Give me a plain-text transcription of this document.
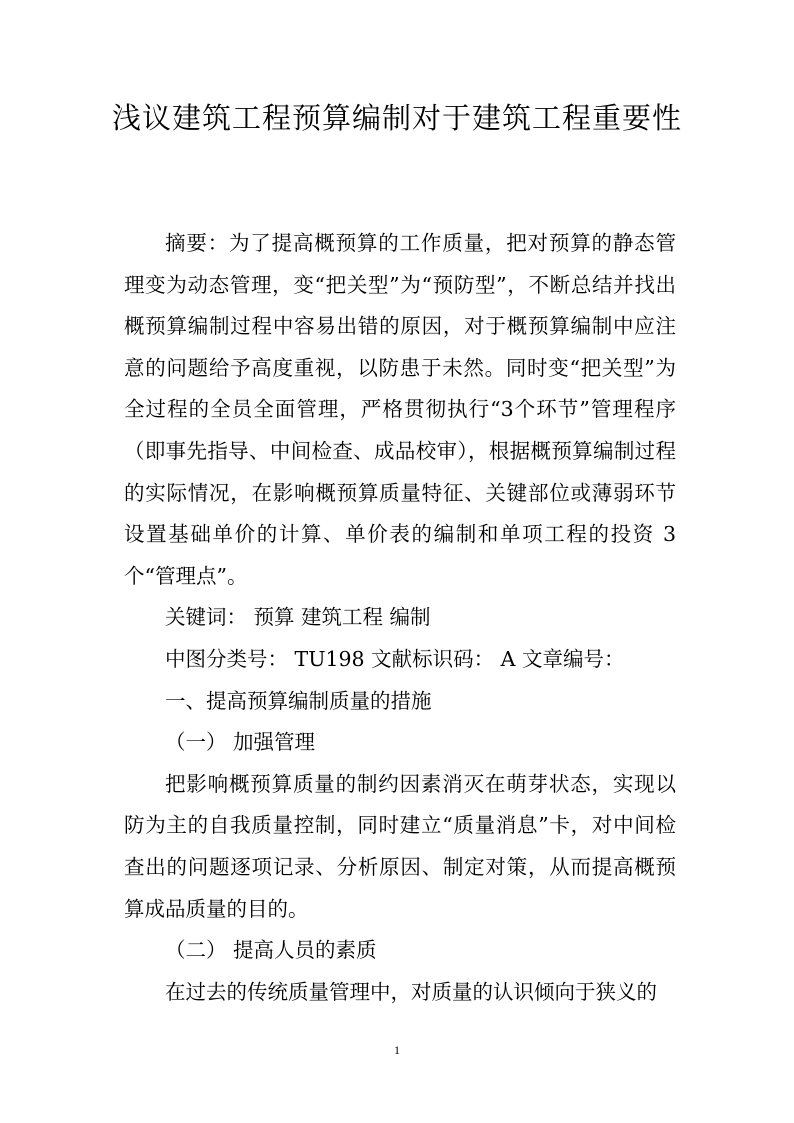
浅议建筑工程预算编制对于建筑工程重要性

摘要：为了提高概预算的工作质量，把对预算的静态管理变为动态管理，变“把关型”为“预防型”，不断总结并找出概预算编制过程中容易出错的原因，对于概预算编制中应注意的问题给予高度重视，以防患于未然。同时变“把关型”为全过程的全员全面管理，严格贯彻执行“3个环节”管理程序（即事先指导、中间检查、成品校审），根据概预算编制过程的实际情况，在影响概预算质量特征、关键部位或薄弱环节设置基础单价的计算、单价表的编制和单项工程的投资 3 个“管理点”。

关键词： 预算 建筑工程 编制

中图分类号： TU198 文献标识码： A 文章编号：

一、提高预算编制质量的措施

（一） 加强管理

把影响概预算质量的制约因素消灭在萌芽状态，实现以防为主的自我质量控制，同时建立“质量消息”卡，对中间检查出的问题逐项记录、分析原因、制定对策，从而提高概预算成品质量的目的。

（二） 提高人员的素质

在过去的传统质量管理中，对质量的认识倾向于狭义的

1
